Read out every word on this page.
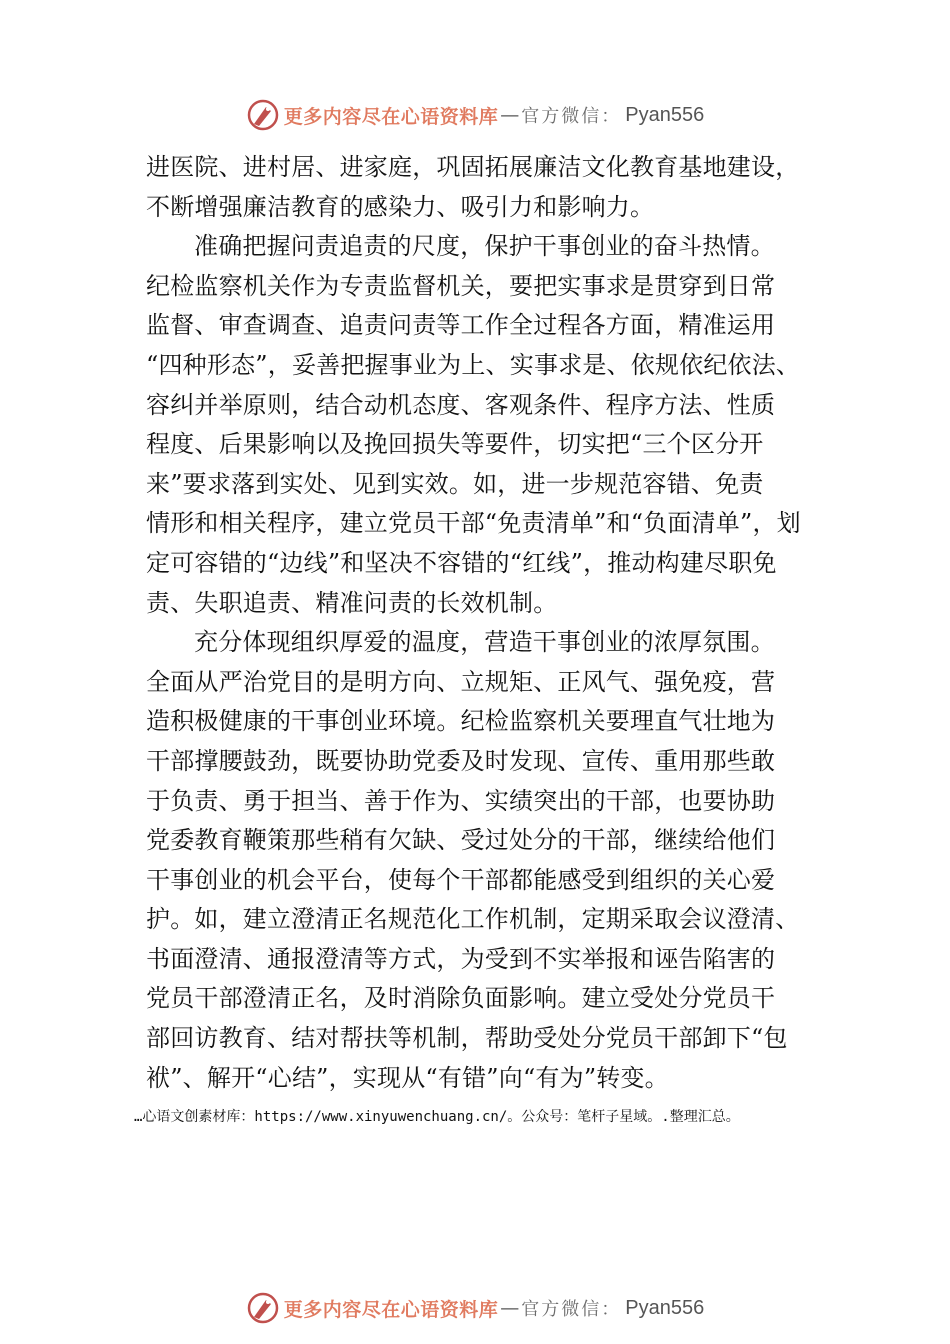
更多内容尽在心语资料库 — 官方微信： Pyan556
进医院、进村居、进家庭，巩固拓展廉洁文化教育基地建设，
不断增强廉洁教育的感染力、吸引力和影响力。
准确把握问责追责的尺度，保护干事创业的奋斗热情。
纪检监察机关作为专责监督机关，要把实事求是贯穿到日常
监督、审查调查、追责问责等工作全过程各方面，精准运用
“四种形态”，妥善把握事业为上、实事求是、依规依纪依法、
容纠并举原则，结合动机态度、客观条件、程序方法、性质
程度、后果影响以及挽回损失等要件，切实把“三个区分开
来”要求落到实处、见到实效。如，进一步规范容错、免责
情形和相关程序，建立党员干部“免责清单”和“负面清单”，划
定可容错的“边线”和坚决不容错的“红线”，推动构建尽职免
责、失职追责、精准问责的长效机制。
充分体现组织厚爱的温度，营造干事创业的浓厚氛围。
全面从严治党目的是明方向、立规矩、正风气、强免疫，营
造积极健康的干事创业环境。纪检监察机关要理直气壮地为
干部撑腰鼓劲，既要协助党委及时发现、宣传、重用那些敢
于负责、勇于担当、善于作为、实绩突出的干部，也要协助
党委教育鞭策那些稍有欠缺、受过处分的干部，继续给他们
干事创业的机会平台，使每个干部都能感受到组织的关心爱
护。如，建立澄清正名规范化工作机制，定期采取会议澄清、
书面澄清、通报澄清等方式，为受到不实举报和诬告陷害的
党员干部澄清正名，及时消除负面影响。建立受处分党员干
部回访教育、结对帮扶等机制，帮助受处分党员干部卸下“包
袱”、解开“心结”，实现从“有错”向“有为”转变。
…心语文创素材库：https://www.xinyuwenchuang.cn/。公众号：笔杆子星域。.整理汇总。
更多内容尽在心语资料库 — 官方微信： Pyan556
